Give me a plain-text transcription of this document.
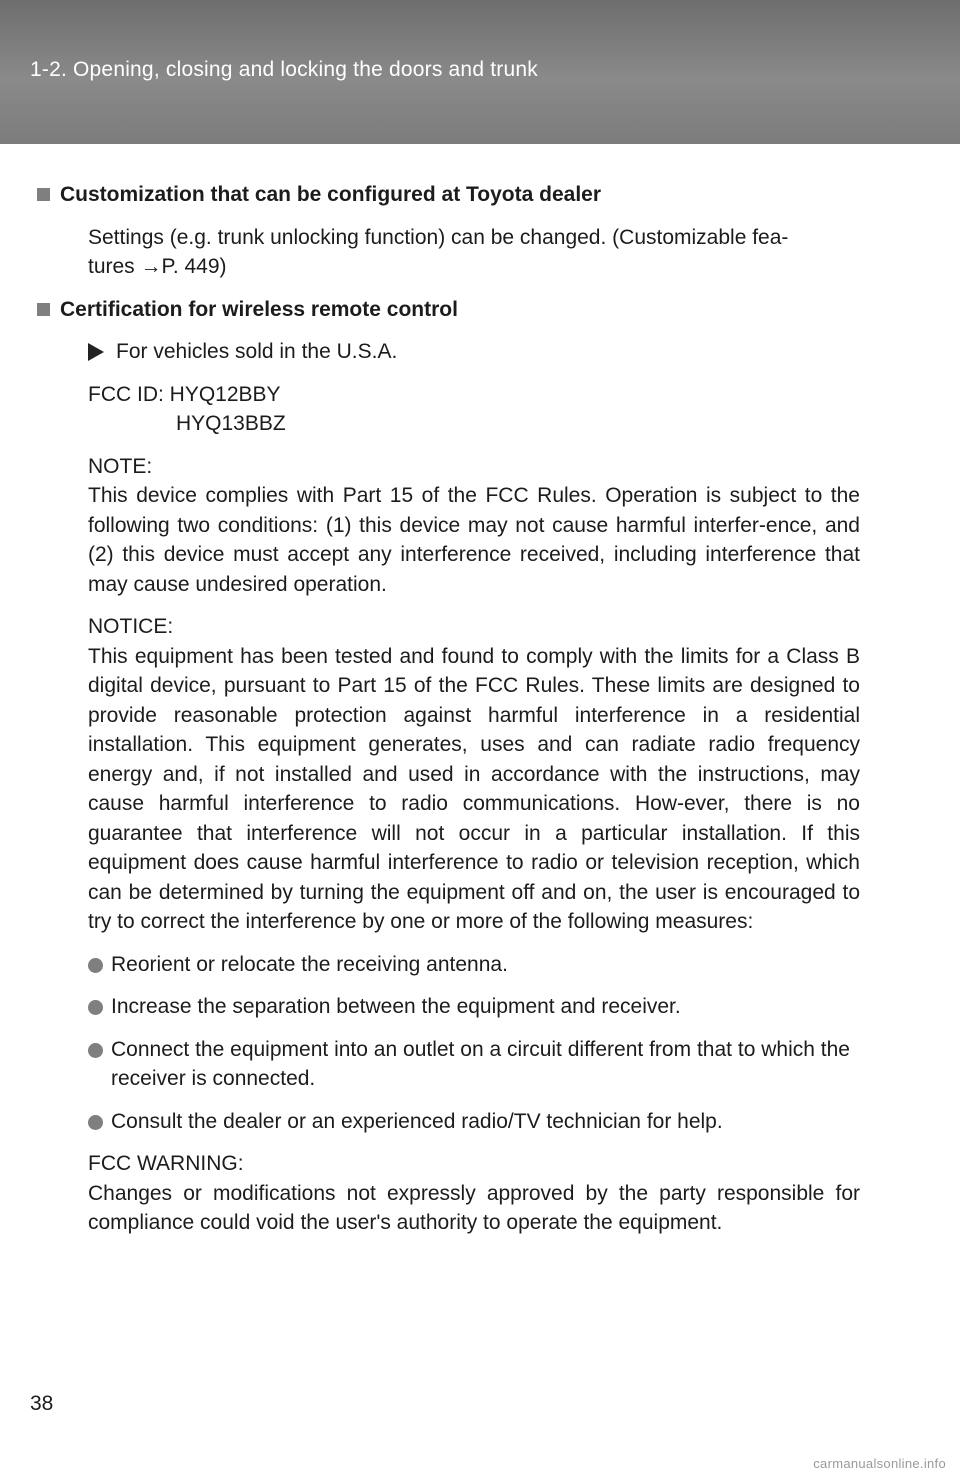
1-2. Opening, closing and locking the doors and trunk
Customization that can be configured at Toyota dealer

Settings (e.g. trunk unlocking function) can be changed. (Customizable fea-
tures →P. 449)

Certification for wireless remote control
For vehicles sold in the U.S.A.
FCC ID: HYQ12BBY
HYQ13BBZ

NOTE:
This device complies with Part 15 of the FCC Rules. Operation is subject to the following two conditions: (1) this device may not cause harmful interfer-ence, and (2) this device must accept any interference received, including interference that may cause undesired operation.

NOTICE:
This equipment has been tested and found to comply with the limits for a Class B digital device, pursuant to Part 15 of the FCC Rules. These limits are designed to provide reasonable protection against harmful interference in a residential installation. This equipment generates, uses and can radiate radio frequency energy and, if not installed and used in accordance with the instructions, may cause harmful interference to radio communications. How-ever, there is no guarantee that interference will not occur in a particular installation. If this equipment does cause harmful interference to radio or television reception, which can be determined by turning the equipment off and on, the user is encouraged to try to correct the interference by one or more of the following measures:

Reorient or relocate the receiving antenna.
Increase the separation between the equipment and receiver.
Connect the equipment into an outlet on a circuit different from that to which the receiver is connected.
Consult the dealer or an experienced radio/TV technician for help.

FCC WARNING:
Changes or modifications not expressly approved by the party responsible for compliance could void the user's authority to operate the equipment.

38
carmanualsonline.info
